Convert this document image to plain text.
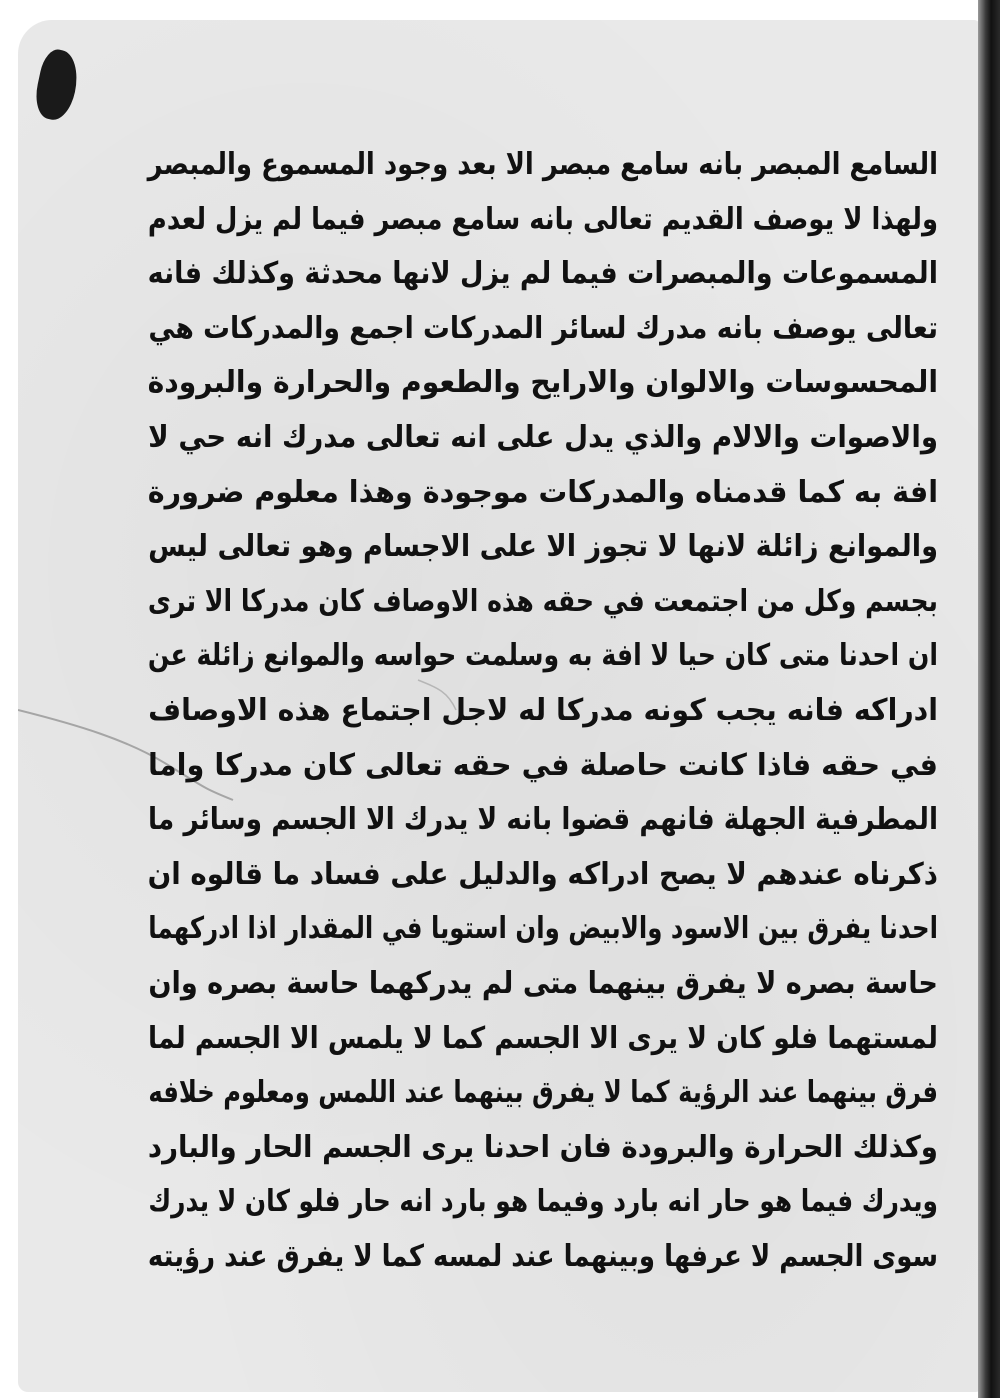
السامع المبصر بانه سامع مبصر الا بعد وجود المسموع والمبصر
ولهذا لا يوصف القديم تعالى بانه سامع مبصر فيما لم يزل لعدم
المسموعات والمبصرات فيما لم يزل لانها محدثة وكذلك فانه
تعالى يوصف بانه مدرك لسائر المدركات اجمع والمدركات هي
المحسوسات والالوان والارايح والطعوم والحرارة والبرودة
والاصوات والالام والذي يدل على انه تعالى مدرك انه حي لا
افة به كما قدمناه والمدركات موجودة وهذا معلوم ضرورة
والموانع زائلة لانها لا تجوز الا على الاجسام وهو تعالى ليس
بجسم وكل من اجتمعت في حقه هذه الاوصاف كان مدركا الا ترى
ان احدنا متى كان حيا لا افة به وسلمت حواسه والموانع زائلة عن
ادراكه فانه يجب كونه مدركا له لاجل اجتماع هذه الاوصاف
في حقه فاذا كانت حاصلة في حقه تعالى كان مدركا واما
المطرفية الجهلة فانهم قضوا بانه لا يدرك الا الجسم وسائر ما
ذكرناه عندهم لا يصح ادراكه والدليل على فساد ما قالوه ان
احدنا يفرق بين الاسود والابيض وان استويا في المقدار اذا ادركهما
حاسة بصره لا يفرق بينهما متى لم يدركهما حاسة بصره وان
لمستهما فلو كان لا يرى الا الجسم كما لا يلمس الا الجسم لما
فرق بينهما عند الرؤية كما لا يفرق بينهما عند اللمس ومعلوم خلافه
وكذلك الحرارة والبرودة فان احدنا يرى الجسم الحار والبارد
ويدرك فيما هو حار انه بارد وفيما هو بارد انه حار فلو كان لا يدرك
سوى الجسم لا عرفها وبينهما عند لمسه كما لا يفرق عند رؤيته
